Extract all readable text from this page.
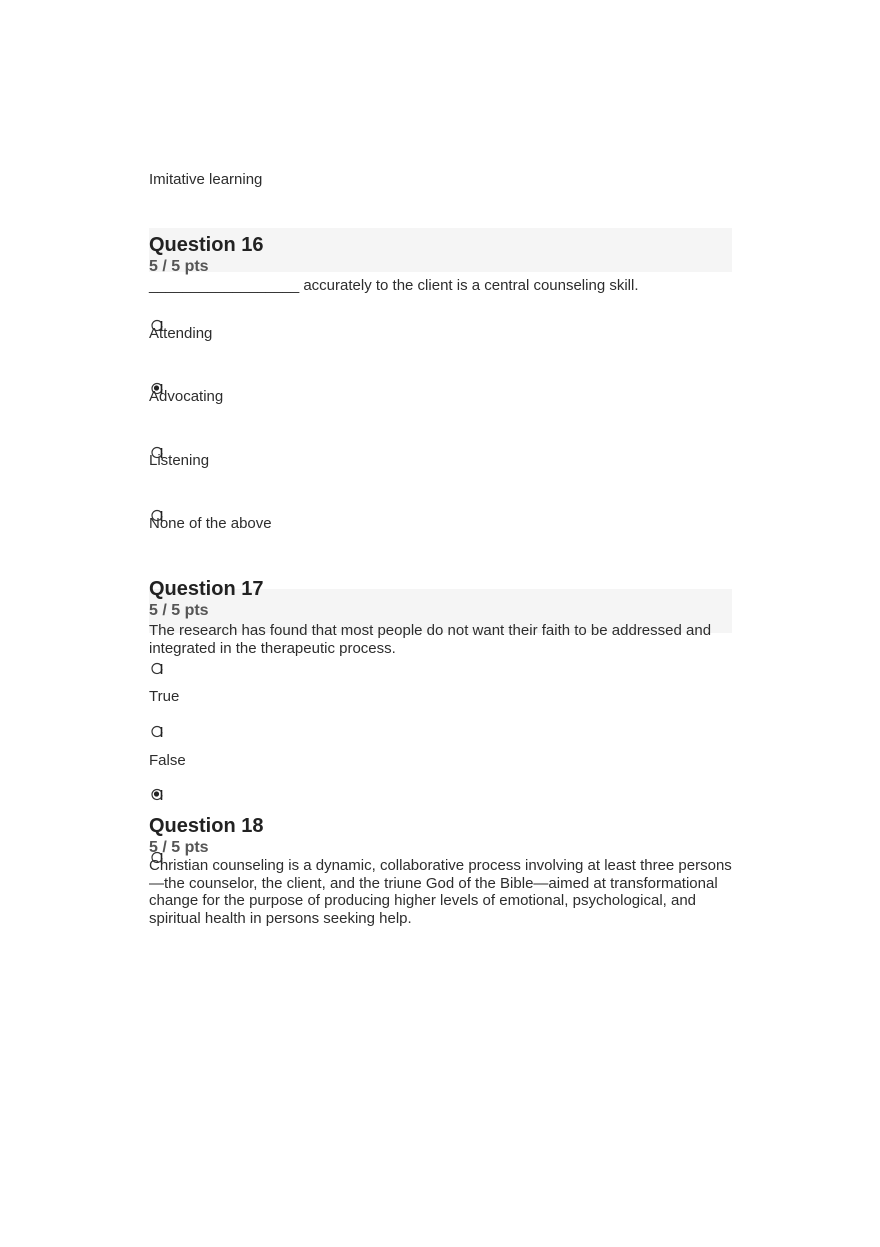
Imitative learning
Question 16
5 / 5 pts
__________________ accurately to the client is a central counseling skill.
Attending
Advocating
Listening
None of the above
Question 17
5 / 5 pts
The research has found that most people do not want their faith to be addressed and integrated in the therapeutic process.
True
False
Question 18
5 / 5 pts
Christian counseling is a dynamic, collaborative process involving at least three persons—the counselor, the client, and the triune God of the Bible—aimed at transformational change for the purpose of producing higher levels of emotional, psychological, and spiritual health in persons seeking help.
